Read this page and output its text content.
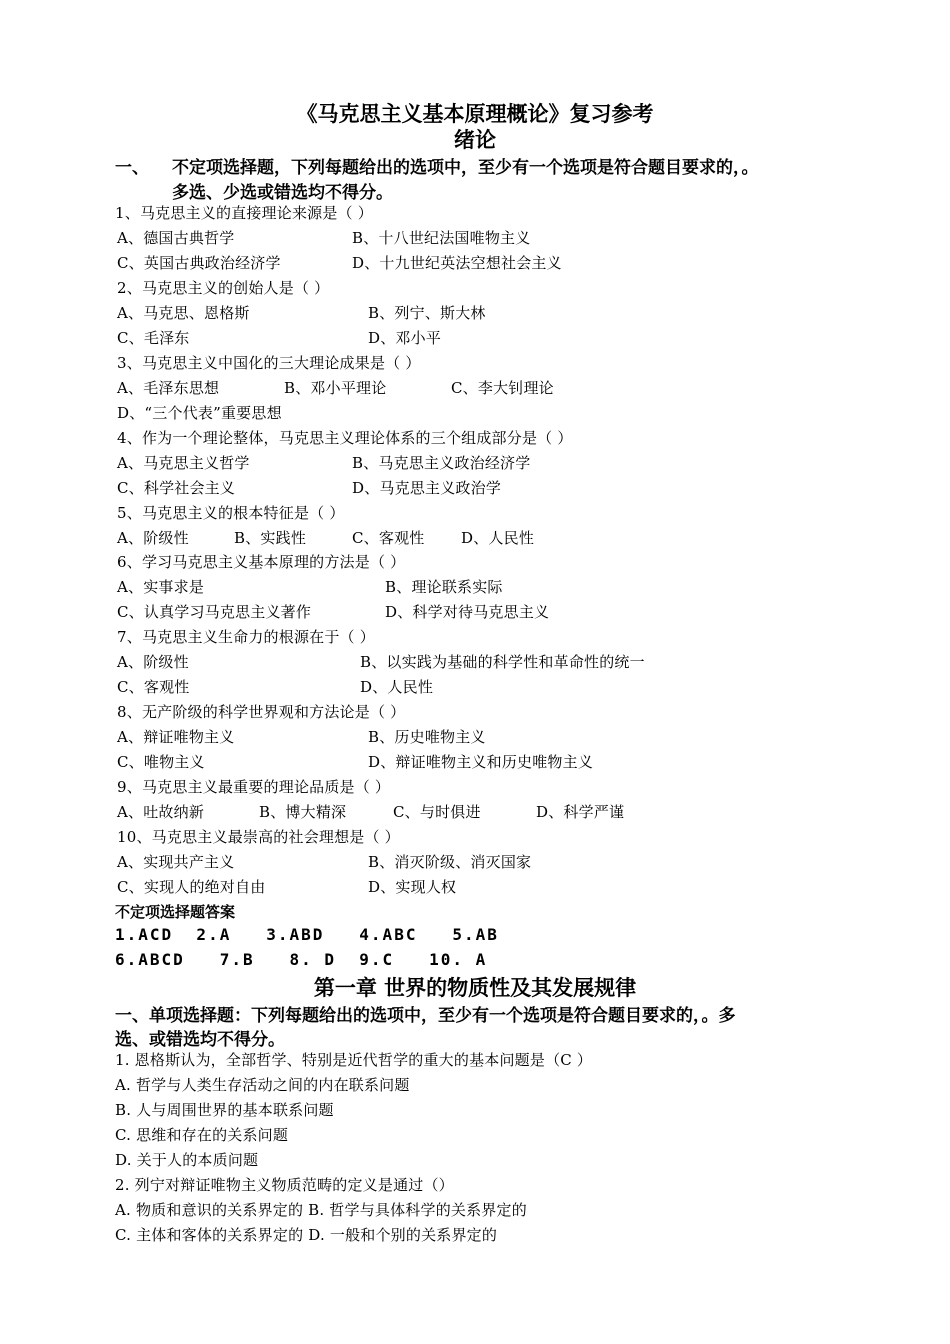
《马克思主义基本原理概论》复习参考
绪论
一、 不定项选择题，下列每题给出的选项中，至少有一个选项是符合题目要求的，。
多选、少选或错选均不得分。
1、马克思主义的直接理论来源是（ ）
A、德国古典哲学	B、十八世纪法国唯物主义
C、英国古典政治经济学	D、十九世纪英法空想社会主义
2、马克思主义的创始人是（ ）
A、马克思、恩格斯	B、列宁、斯大林
C、毛泽东	D、邓小平
3、马克思主义中国化的三大理论成果是（ ）
A、毛泽东思想	B、邓小平理论	C、李大钊理论
D、“三个代表”重要思想
4、作为一个理论整体，马克思主义理论体系的三个组成部分是（ ）
A、马克思主义哲学	B、马克思主义政治经济学
C、科学社会主义	D、马克思主义政治学
5、马克思主义的根本特征是（ ）
A、阶级性	B、实践性	C、客观性 D、人民性
6、学习马克思主义基本原理的方法是（ ）
A、实事求是	B、理论联系实际
C、认真学习马克思主义著作	D、科学对待马克思主义
7、马克思主义生命力的根源在于（ ）
A、阶级性	B、以实践为基础的科学性和革命性的统一
C、客观性	D、人民性
8、无产阶级的科学世界观和方法论是（ ）
A、辩证唯物主义	B、历史唯物主义
C、唯物主义	D、辩证唯物主义和历史唯物主义
9、马克思主义最重要的理论品质是（ ）
A、吐故纳新	B、博大精深	C、与时俱进	D、科学严谨
10、马克思主义最崇高的社会理想是（ ）
A、实现共产主义	B、消灭阶级、消灭国家
C、实现人的绝对自由	D、实现人权
不定项选择题答案
1.ACD  2.A   3.ABD   4.ABC   5.AB
6.ABCD   7.B   8. D  9.C   10. A
第一章 世界的物质性及其发展规律
一、单项选择题：下列每题给出的选项中，至少有一个选项是符合题目要求的，。多
选、或错选均不得分。
1. 恩格斯认为，全部哲学、特别是近代哲学的重大的基本问题是（C ）
A. 哲学与人类生存活动之间的内在联系问题
B. 人与周围世界的基本联系问题
C. 思维和存在的关系问题
D. 关于人的本质问题
2. 列宁对辩证唯物主义物质范畴的定义是通过（）
A. 物质和意识的关系界定的 B. 哲学与具体科学的关系界定的
C. 主体和客体的关系界定的 D. 一般和个别的关系界定的
